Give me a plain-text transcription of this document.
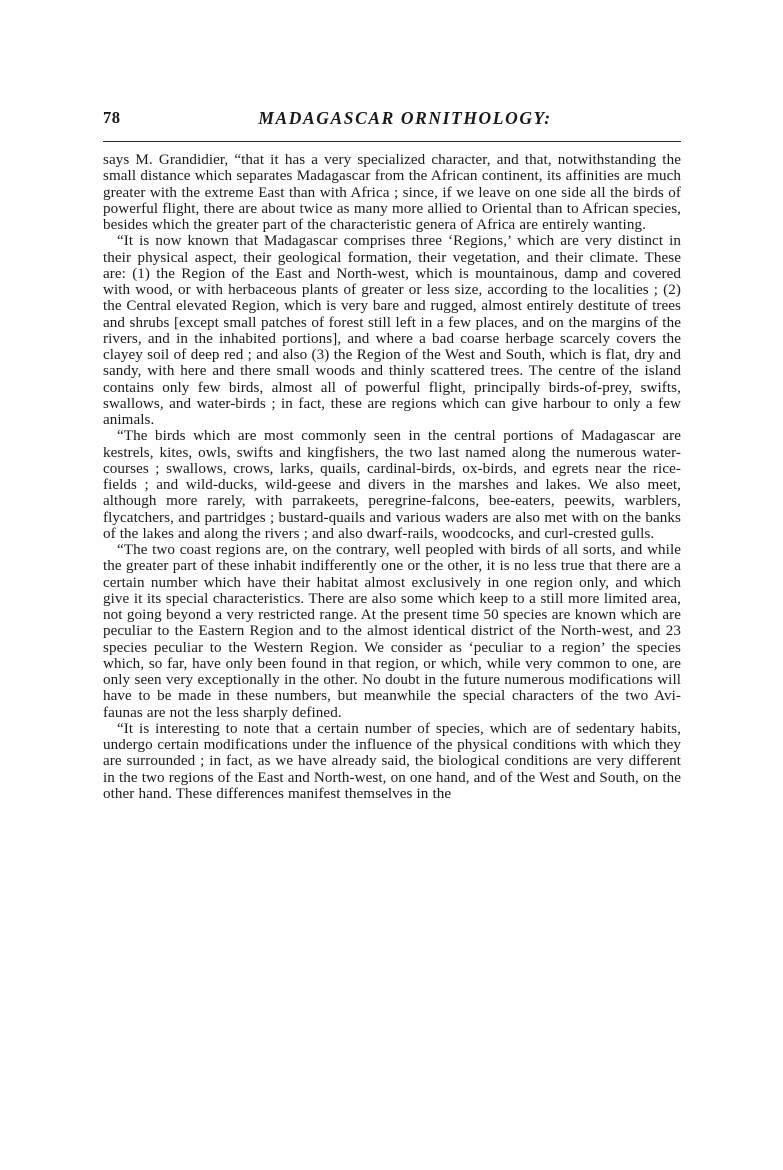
78	MADAGASCAR ORNITHOLOGY:

says M. Grandidier, “that it has a very specialized character, and that, notwithstanding the small distance which separates Madagascar from the African continent, its affinities are much greater with the extreme East than with Africa ; since, if we leave on one side all the birds of powerful flight, there are about twice as many more allied to Oriental than to African species, besides which the greater part of the characteristic genera of Africa are entirely wanting.

“It is now known that Madagascar comprises three ‘Regions,’ which are very distinct in their physical aspect, their geological formation, their vegetation, and their climate. These are: (1) the Region of the East and North-west, which is mountainous, damp and covered with wood, or with herbaceous plants of greater or less size, according to the localities ; (2) the Central elevated Region, which is very bare and rugged, almost entirely destitute of trees and shrubs [except small patches of forest still left in a few places, and on the margins of the rivers, and in the inhabited portions], and where a bad coarse herbage scarcely covers the clayey soil of deep red ; and also (3) the Region of the West and South, which is flat, dry and sandy, with here and there small woods and thinly scattered trees. The centre of the island contains only few birds, almost all of powerful flight, principally birds-of-prey, swifts, swallows, and water-birds ; in fact, these are regions which can give harbour to only a few animals.

“The birds which are most commonly seen in the central portions of Madagascar are kestrels, kites, owls, swifts and kingfishers, the two last named along the numerous water-courses ; swallows, crows, larks, quails, cardinal-birds, ox-birds, and egrets near the rice-fields ; and wild-ducks, wild-geese and divers in the marshes and lakes. We also meet, although more rarely, with parrakeets, peregrine-falcons, bee-eaters, peewits, warblers, flycatchers, and partridges ; bustard-quails and various waders are also met with on the banks of the lakes and along the rivers ; and also dwarf-rails, woodcocks, and curl-crested gulls.

“The two coast regions are, on the contrary, well peopled with birds of all sorts, and while the greater part of these inhabit indifferently one or the other, it is no less true that there are a certain number which have their habitat almost exclusively in one region only, and which give it its special characteristics. There are also some which keep to a still more limited area, not going beyond a very restricted range. At the present time 50 species are known which are peculiar to the Eastern Region and to the almost identical district of the North-west, and 23 species peculiar to the Western Region. We consider as ‘peculiar to a region’ the species which, so far, have only been found in that region, or which, while very common to one, are only seen very exceptionally in the other. No doubt in the future numerous modifications will have to be made in these numbers, but meanwhile the special characters of the two Avi-faunas are not the less sharply defined.

“It is interesting to note that a certain number of species, which are of sedentary habits, undergo certain modifications under the influence of the physical conditions with which they are surrounded ; in fact, as we have already said, the biological conditions are very different in the two regions of the East and North-west, on one hand, and of the West and South, on the other hand. These differences manifest themselves in the
